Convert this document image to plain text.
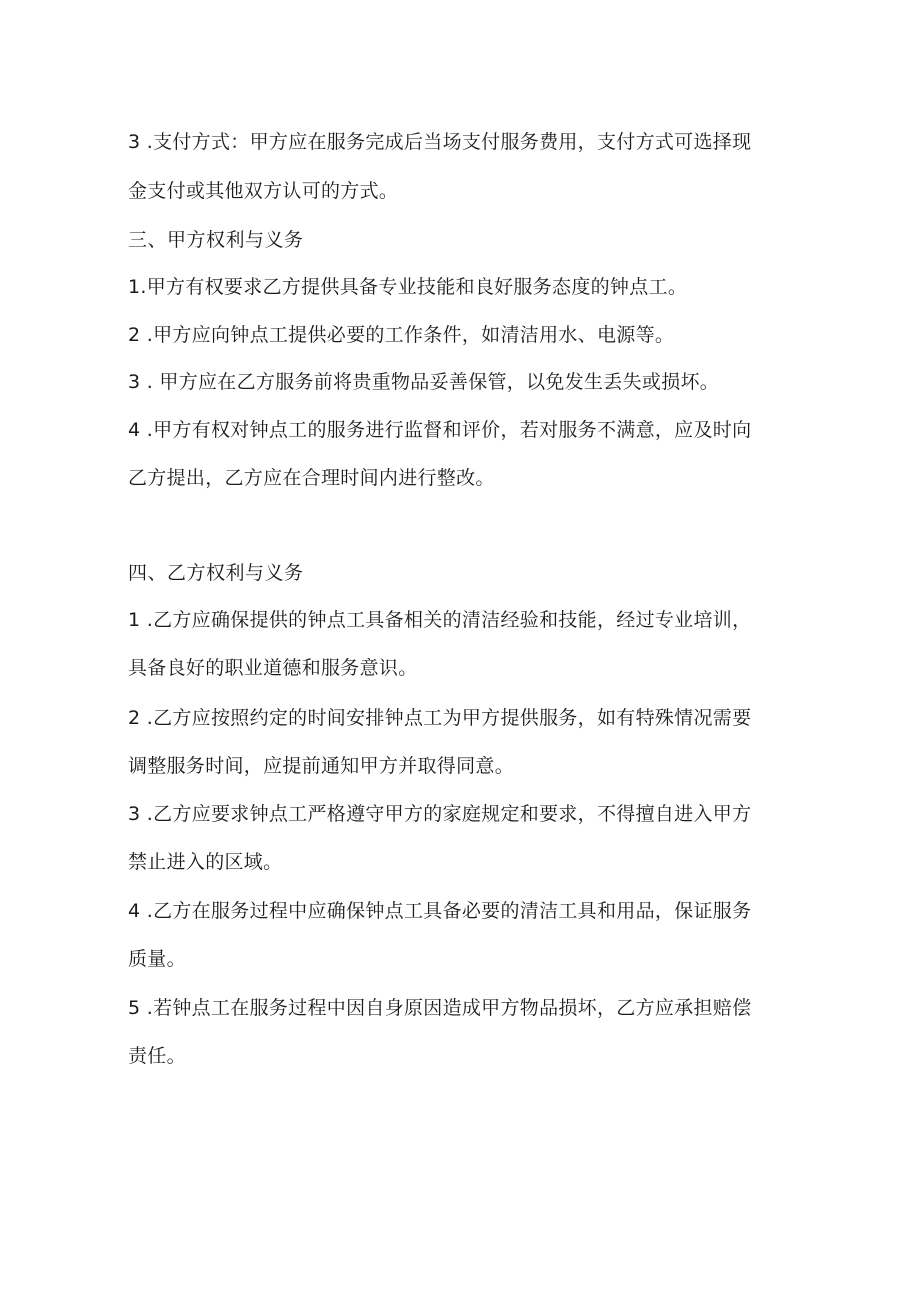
3 .支付方式：甲方应在服务完成后当场支付服务费用，支付方式可选择现
金支付或其他双方认可的方式。
三、甲方权利与义务
1.甲方有权要求乙方提供具备专业技能和良好服务态度的钟点工。
2 .甲方应向钟点工提供必要的工作条件，如清洁用水、电源等。
3 . 甲方应在乙方服务前将贵重物品妥善保管，以免发生丢失或损坏。
4 .甲方有权对钟点工的服务进行监督和评价，若对服务不满意，应及时向
乙方提出，乙方应在合理时间内进行整改。
四、乙方权利与义务
1 .乙方应确保提供的钟点工具备相关的清洁经验和技能，经过专业培训，
具备良好的职业道德和服务意识。
2 .乙方应按照约定的时间安排钟点工为甲方提供服务，如有特殊情况需要
调整服务时间，应提前通知甲方并取得同意。
3 .乙方应要求钟点工严格遵守甲方的家庭规定和要求，不得擅自进入甲方
禁止进入的区域。
4 .乙方在服务过程中应确保钟点工具备必要的清洁工具和用品，保证服务
质量。
5 .若钟点工在服务过程中因自身原因造成甲方物品损坏，乙方应承担赔偿
责任。
